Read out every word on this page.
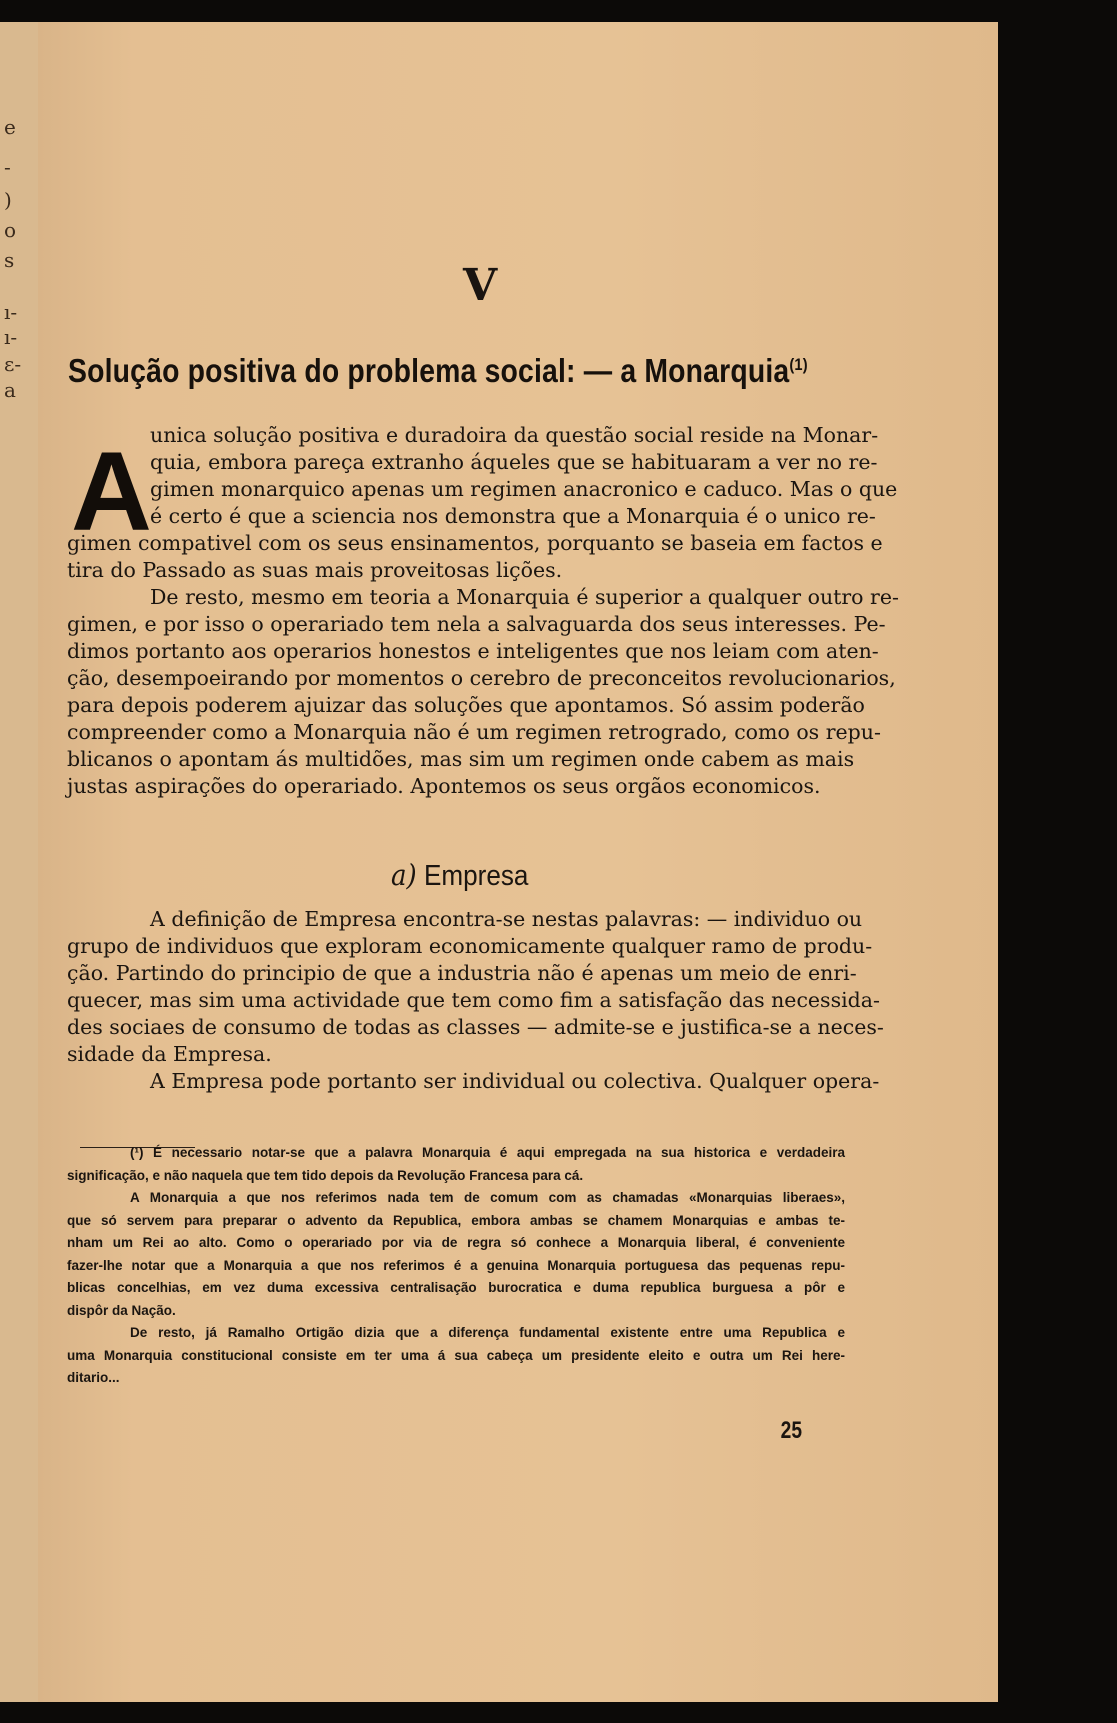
e
-
)
o
s
ı-
ı-
ɛ-
a
V
Solução positiva do problema social: — a Monarquia$^{(1)}$
A
a) Empresa
25
unica solução positiva e duradoira da questão social reside na Monar-
quia, embora pareça extranho áqueles que se habituaram a ver no re-
gimen monarquico apenas um regimen anacronico e caduco. Mas o que
é certo é que a sciencia nos demonstra que a Monarquia é o unico re-
gimen compativel com os seus ensinamentos, porquanto se baseia em factos e
tira do Passado as suas mais proveitosas lições.
De resto, mesmo em teoria a Monarquia é superior a qualquer outro re-
gimen, e por isso o operariado tem nela a salvaguarda dos seus interesses. Pe-
dimos portanto aos operarios honestos e inteligentes que nos leiam com aten-
ção, desempoeirando por momentos o cerebro de preconceitos revolucionarios,
para depois poderem ajuizar das soluções que apontamos. Só assim poderão
compreender como a Monarquia não é um regimen retrogrado, como os repu-
blicanos o apontam ás multidões, mas sim um regimen onde cabem as mais
justas aspirações do operariado. Apontemos os seus orgãos economicos.
A definição de Empresa encontra-se nestas palavras: — individuo ou
grupo de individuos que exploram economicamente qualquer ramo de produ-
ção. Partindo do principio de que a industria não é apenas um meio de enri-
quecer, mas sim uma actividade que tem como fim a satisfação das necessida-
des sociaes de consumo de todas as classes — admite-se e justifica-se a neces-
sidade da Empresa.
A Empresa pode portanto ser individual ou colectiva. Qualquer opera-
(¹) É necessario notar-se que a palavra Monarquia é aqui empregada na sua historica e verdadeira
significação, e não naquela que tem tido depois da Revolução Francesa para cá.
A Monarquia a que nos referimos nada tem de comum com as chamadas «Monarquias liberaes»,
que só servem para preparar o advento da Republica, embora ambas se chamem Monarquias e ambas te-
nham um Rei ao alto. Como o operariado por via de regra só conhece a Monarquia liberal, é conveniente
fazer-lhe notar que a Monarquia a que nos referimos é a genuina Monarquia portuguesa das pequenas repu-
blicas concelhias, em vez duma excessiva centralisação burocratica e duma republica burguesa a pôr e
dispôr da Nação.
De resto, já Ramalho Ortigão dizia que a diferença fundamental existente entre uma Republica e
uma Monarquia constitucional consiste em ter uma á sua cabeça um presidente eleito e outra um Rei here-
ditario...
